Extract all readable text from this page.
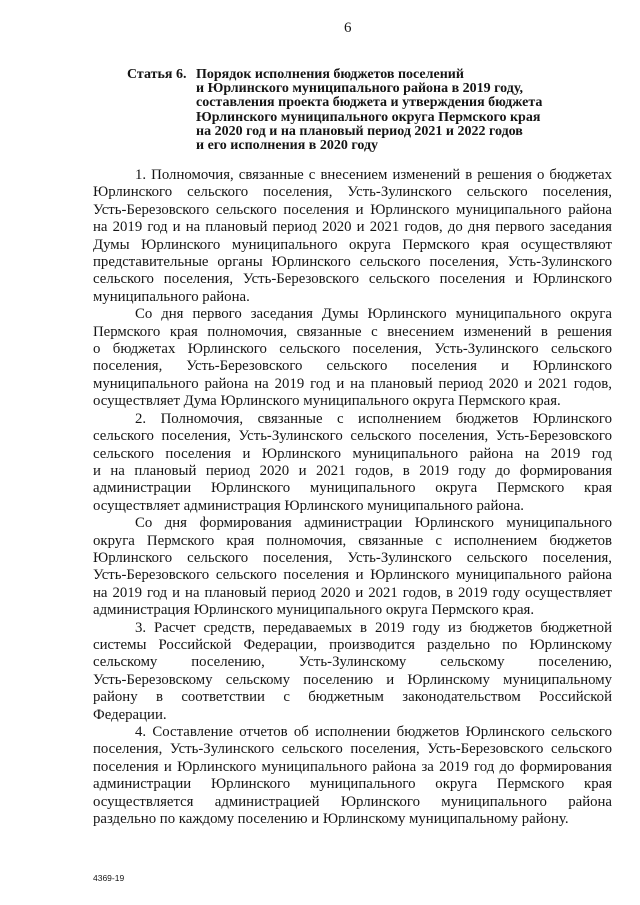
6
Статья 6. Порядок исполнения бюджетов поселений
и Юрлинского муниципального района в 2019 году,
составления проекта бюджета и утверждения бюджета
Юрлинского муниципального округа Пермского края
на 2020 год и на плановый период 2021 и 2022 годов
и его исполнения в 2020 году
1. Полномочия, связанные с внесением изменений в решения о бюджетах
Юрлинского сельского поселения, Усть-Зулинского сельского поселения,
Усть-Березовского сельского поселения и Юрлинского муниципального района
на 2019 год и на плановый период 2020 и 2021 годов, до дня первого заседания
Думы Юрлинского муниципального округа Пермского края осуществляют
представительные органы Юрлинского сельского поселения, Усть-Зулинского
сельского поселения, Усть-Березовского сельского поселения и Юрлинского
муниципального района.
Со дня первого заседания Думы Юрлинского муниципального округа
Пермского края полномочия, связанные с внесением изменений в решения
о бюджетах Юрлинского сельского поселения, Усть-Зулинского сельского
поселения, Усть-Березовского сельского поселения и Юрлинского
муниципального района на 2019 год и на плановый период 2020 и 2021 годов,
осуществляет Дума Юрлинского муниципального округа Пермского края.
2. Полномочия, связанные с исполнением бюджетов Юрлинского
сельского поселения, Усть-Зулинского сельского поселения, Усть-Березовского
сельского поселения и Юрлинского муниципального района на 2019 год
и на плановый период 2020 и 2021 годов, в 2019 году до формирования
администрации Юрлинского муниципального округа Пермского края
осуществляет администрация Юрлинского муниципального района.
Со дня формирования администрации Юрлинского муниципального
округа Пермского края полномочия, связанные с исполнением бюджетов
Юрлинского сельского поселения, Усть-Зулинского сельского поселения,
Усть-Березовского сельского поселения и Юрлинского муниципального района
на 2019 год и на плановый период 2020 и 2021 годов, в 2019 году осуществляет
администрация Юрлинского муниципального округа Пермского края.
3. Расчет средств, передаваемых в 2019 году из бюджетов бюджетной
системы Российской Федерации, производится раздельно по Юрлинскому
сельскому поселению, Усть-Зулинскому сельскому поселению,
Усть-Березовскому сельскому поселению и Юрлинскому муниципальному
району в соответствии с бюджетным законодательством Российской
Федерации.
4. Составление отчетов об исполнении бюджетов Юрлинского сельского
поселения, Усть-Зулинского сельского поселения, Усть-Березовского сельского
поселения и Юрлинского муниципального района за 2019 год до формирования
администрации Юрлинского муниципального округа Пермского края
осуществляется администрацией Юрлинского муниципального района
раздельно по каждому поселению и Юрлинскому муниципальному району.
4369-19
